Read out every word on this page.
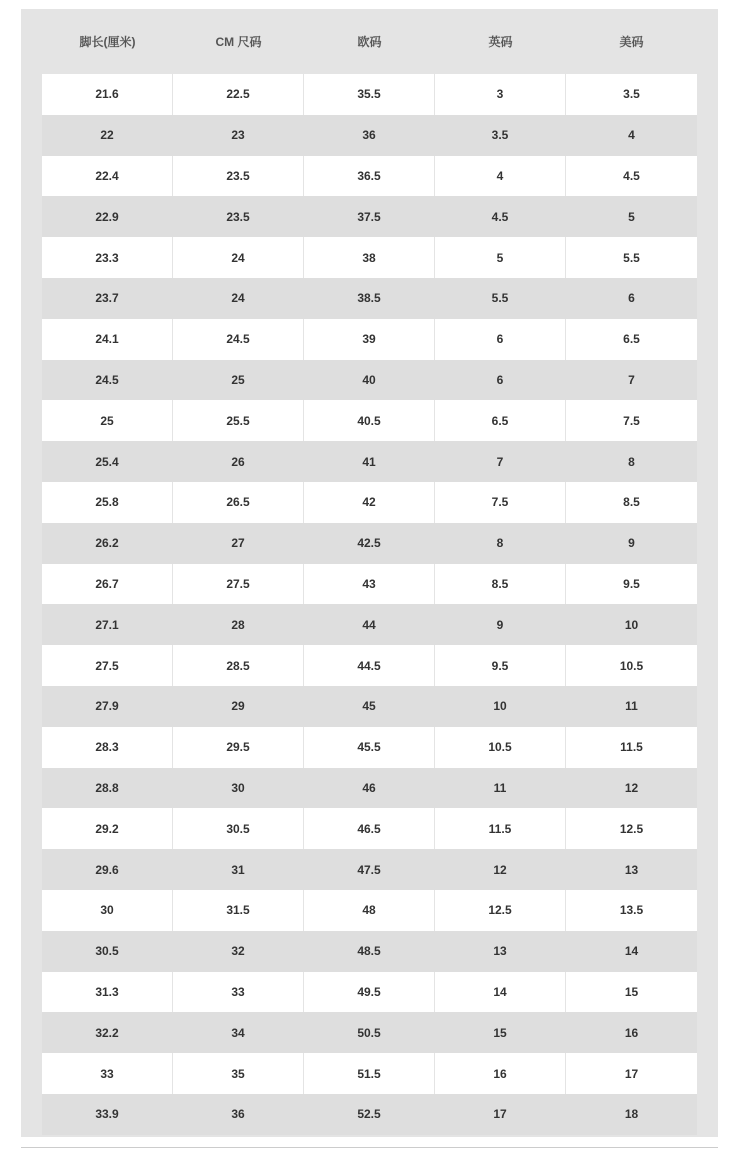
脚长(厘米)	CM 尺码	欧码	英码	美码
21.6	22.5	35.5	3	3.5
22	23	36	3.5	4
22.4	23.5	36.5	4	4.5
22.9	23.5	37.5	4.5	5
23.3	24	38	5	5.5
23.7	24	38.5	5.5	6
24.1	24.5	39	6	6.5
24.5	25	40	6	7
25	25.5	40.5	6.5	7.5
25.4	26	41	7	8
25.8	26.5	42	7.5	8.5
26.2	27	42.5	8	9
26.7	27.5	43	8.5	9.5
27.1	28	44	9	10
27.5	28.5	44.5	9.5	10.5
27.9	29	45	10	11
28.3	29.5	45.5	10.5	11.5
28.8	30	46	11	12
29.2	30.5	46.5	11.5	12.5
29.6	31	47.5	12	13
30	31.5	48	12.5	13.5
30.5	32	48.5	13	14
31.3	33	49.5	14	15
32.2	34	50.5	15	16
33	35	51.5	16	17
33.9	36	52.5	17	18
